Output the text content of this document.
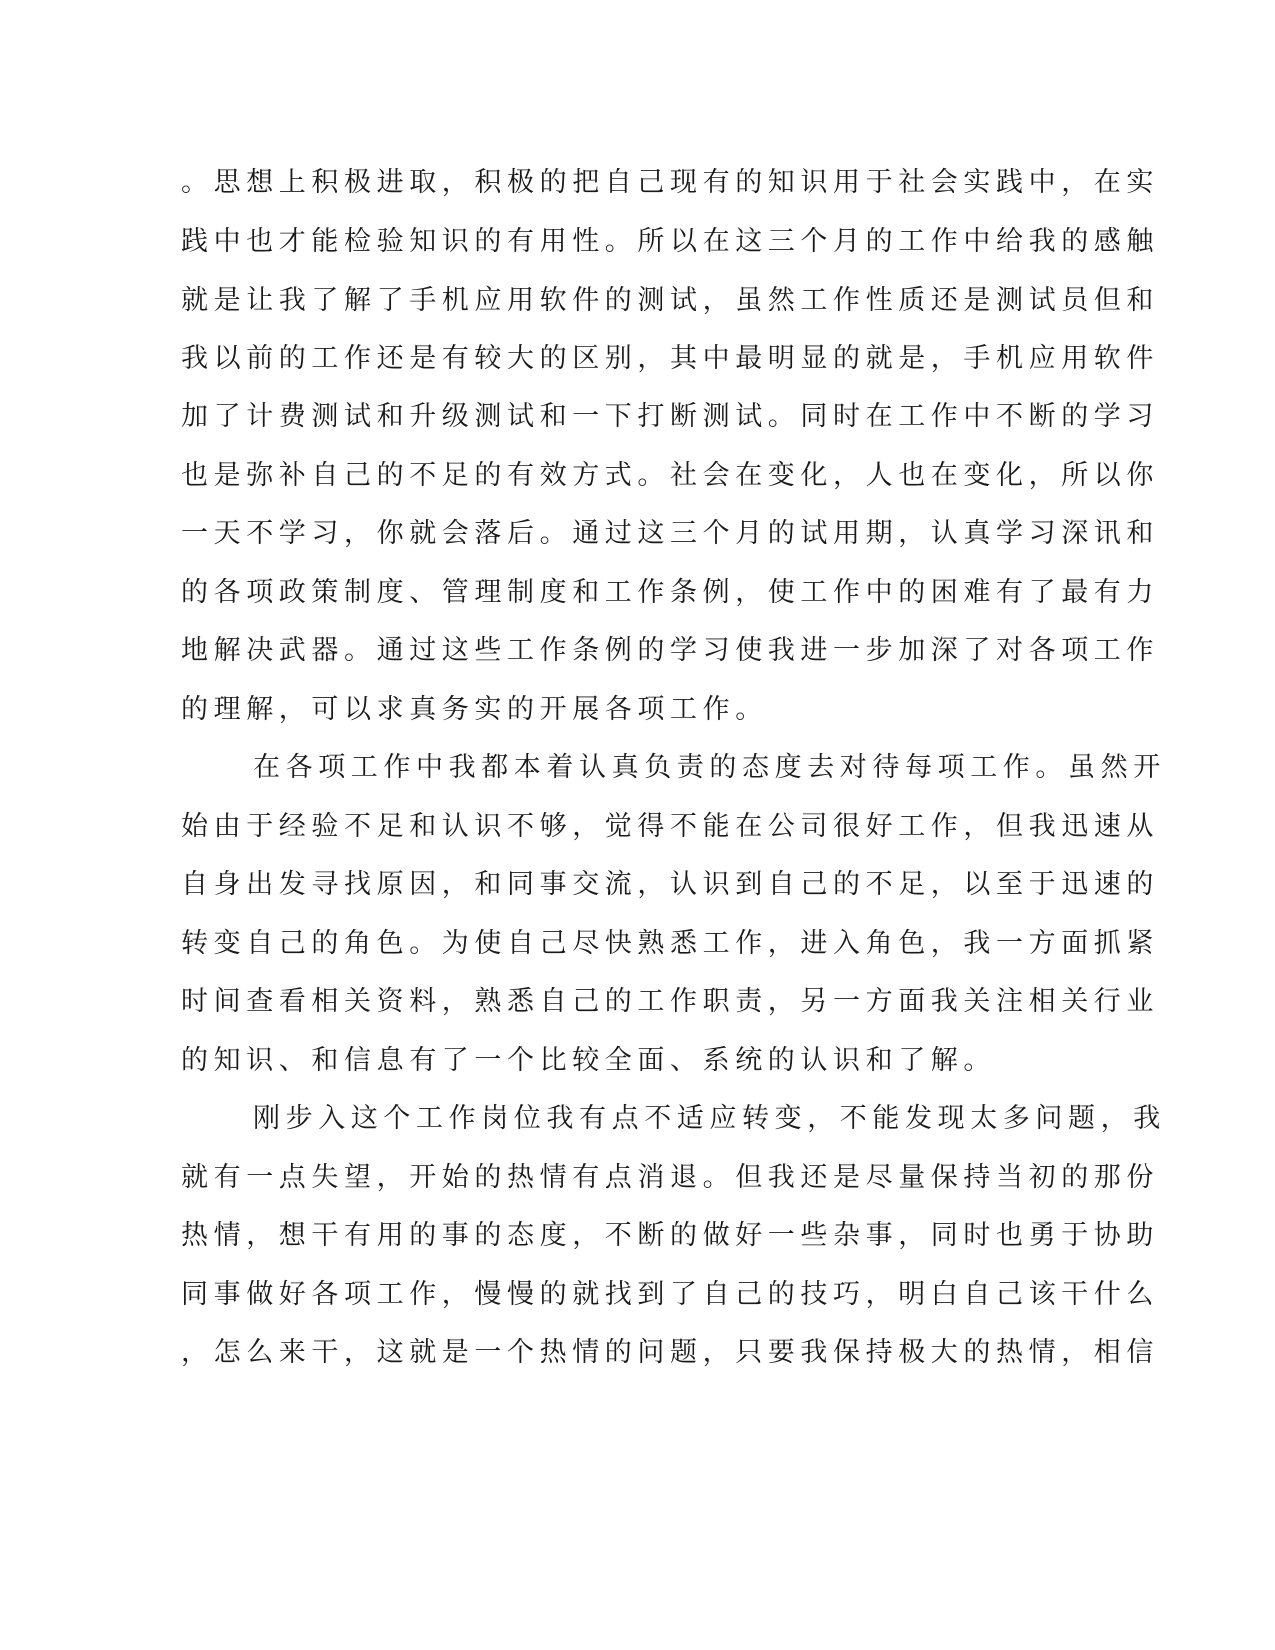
。思想上积极进取，积极的把自己现有的知识用于社会实践中，在实
践中也才能检验知识的有用性。所以在这三个月的工作中给我的感触
就是让我了解了手机应用软件的测试，虽然工作性质还是测试员但和
我以前的工作还是有较大的区别，其中最明显的就是，手机应用软件
加了计费测试和升级测试和一下打断测试。同时在工作中不断的学习
也是弥补自己的不足的有效方式。社会在变化，人也在变化，所以你
一天不学习，你就会落后。通过这三个月的试用期，认真学习深讯和
的各项政策制度、管理制度和工作条例，使工作中的困难有了最有力
地解决武器。通过这些工作条例的学习使我进一步加深了对各项工作
的理解，可以求真务实的开展各项工作。
在各项工作中我都本着认真负责的态度去对待每项工作。虽然开
始由于经验不足和认识不够，觉得不能在公司很好工作，但我迅速从
自身出发寻找原因，和同事交流，认识到自己的不足，以至于迅速的
转变自己的角色。为使自己尽快熟悉工作，进入角色，我一方面抓紧
时间查看相关资料，熟悉自己的工作职责，另一方面我关注相关行业
的知识、和信息有了一个比较全面、系统的认识和了解。
刚步入这个工作岗位我有点不适应转变，不能发现太多问题，我
就有一点失望，开始的热情有点消退。但我还是尽量保持当初的那份
热情，想干有用的事的态度，不断的做好一些杂事，同时也勇于协助
同事做好各项工作，慢慢的就找到了自己的技巧，明白自己该干什么
，怎么来干，这就是一个热情的问题，只要我保持极大的热情，相信
